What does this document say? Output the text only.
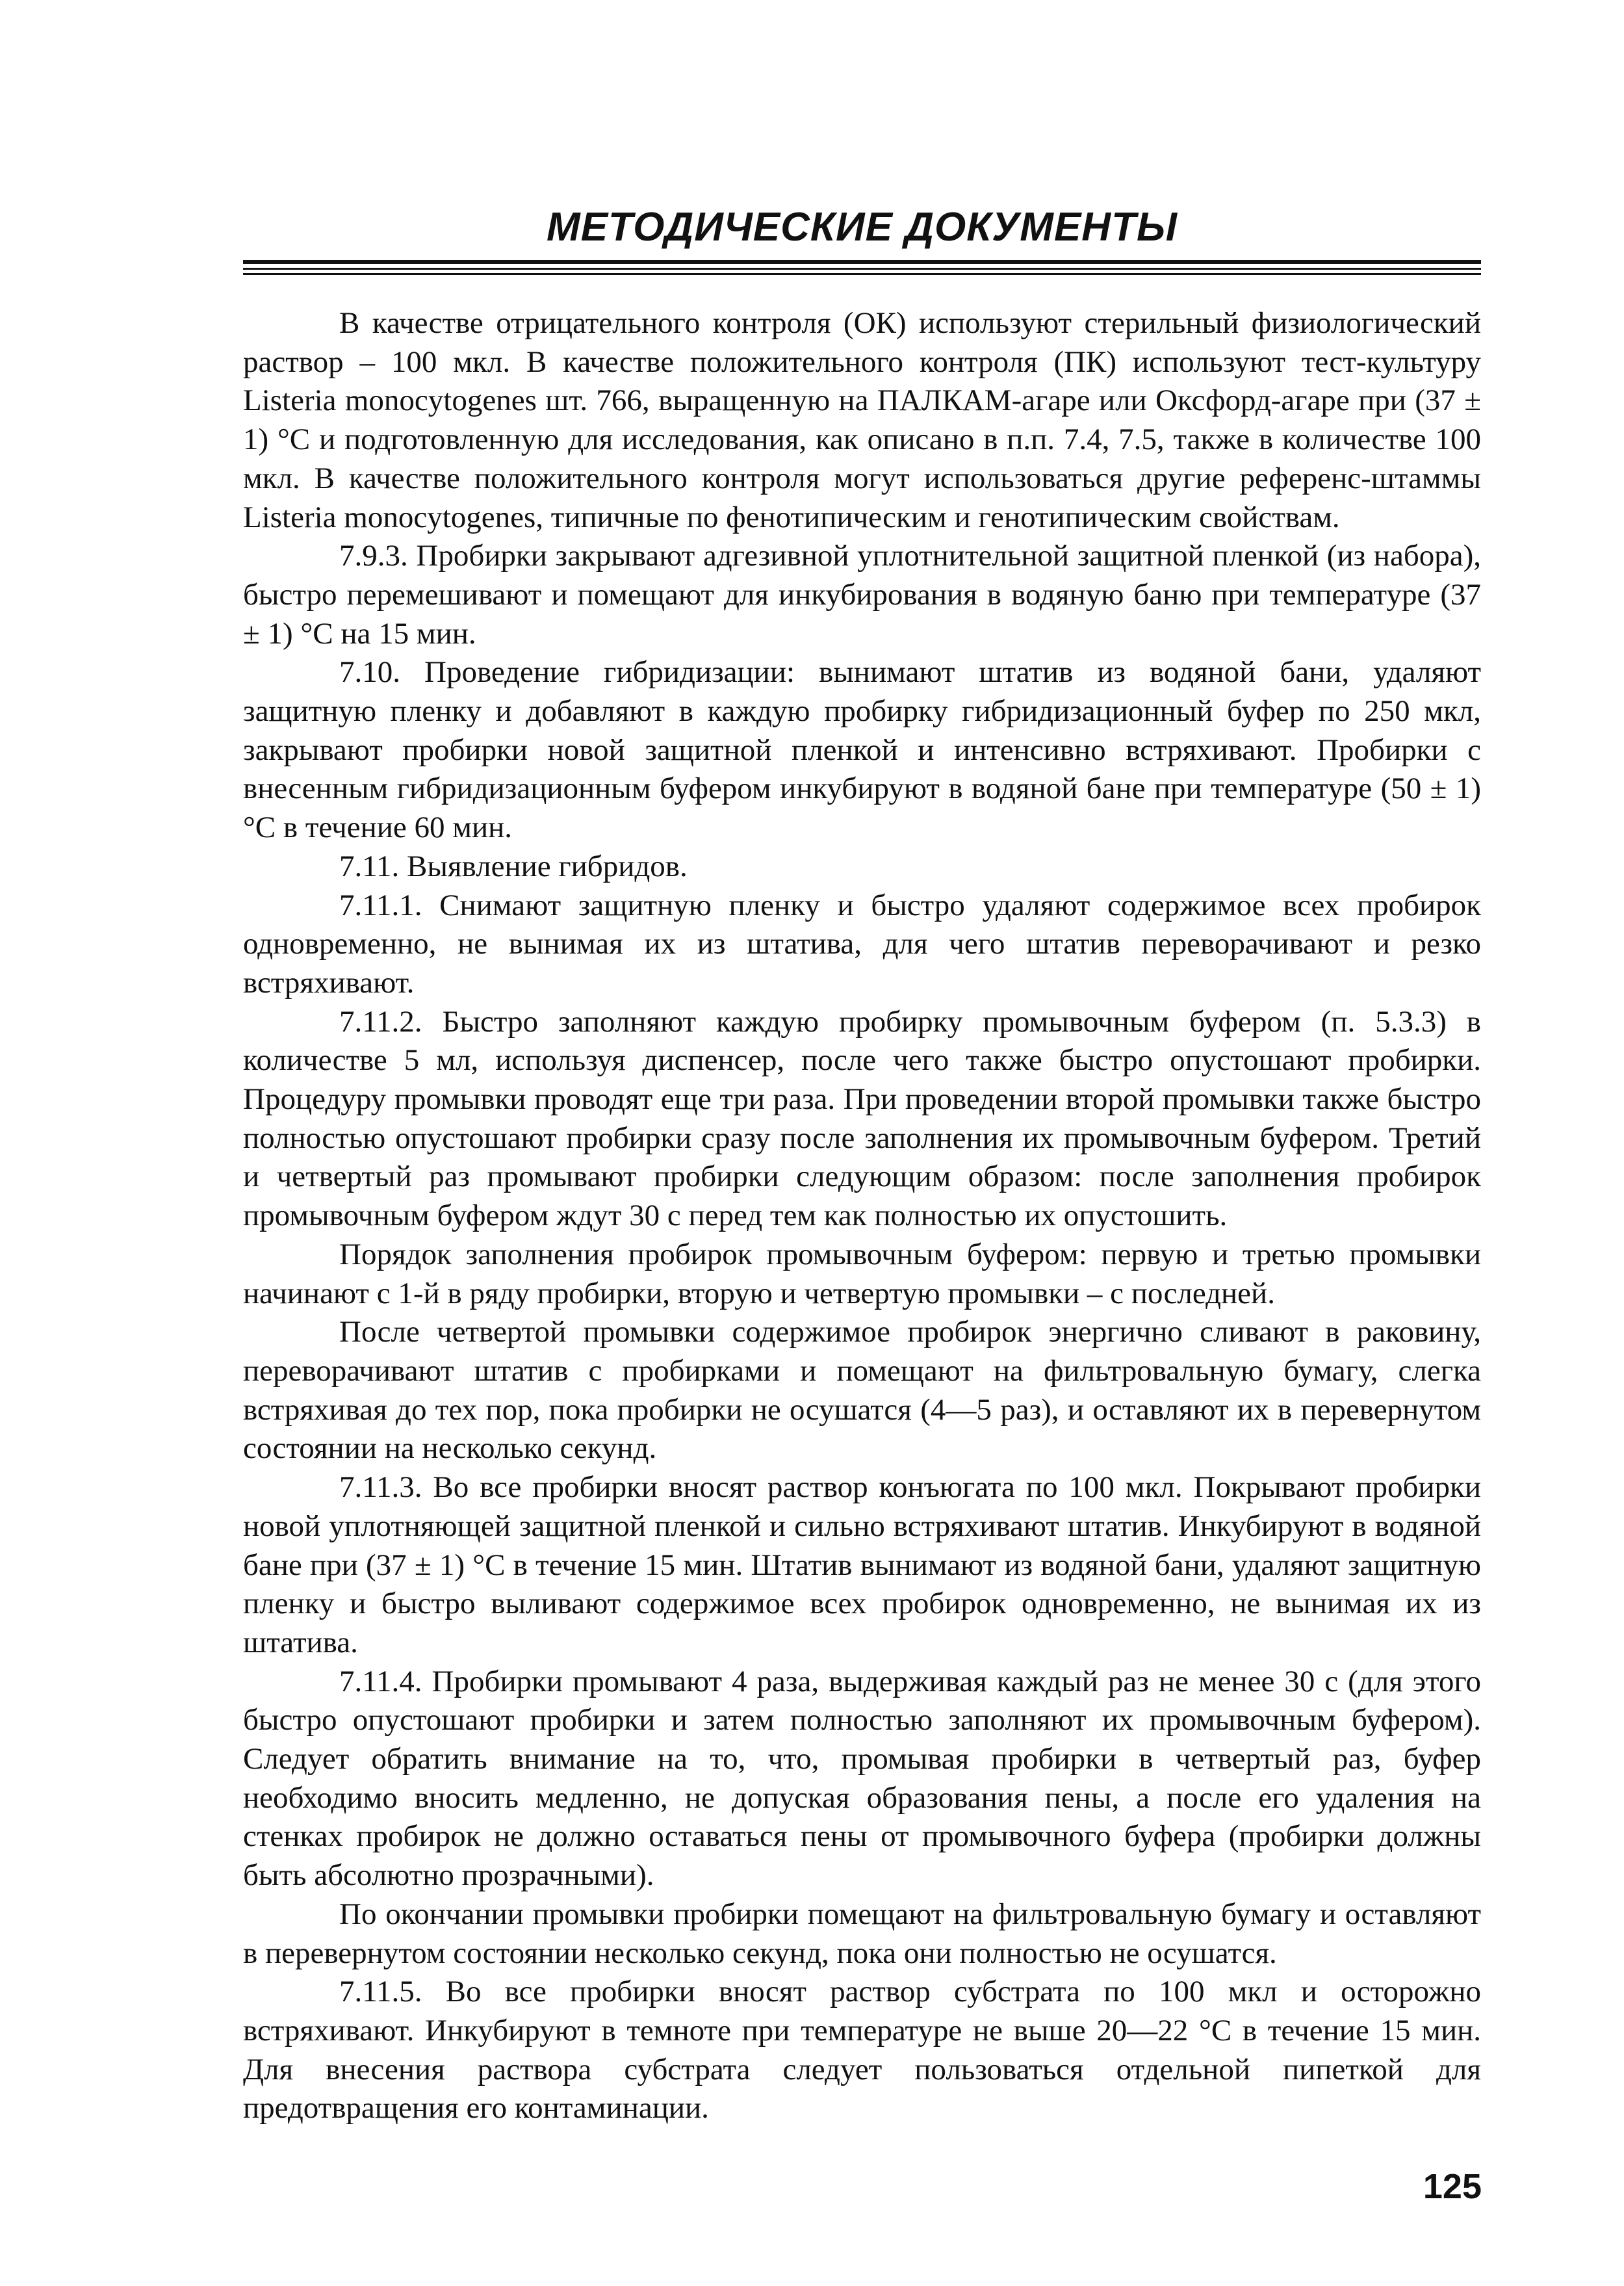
МЕТОДИЧЕСКИЕ ДОКУМЕНТЫ

В качестве отрицательного контроля (ОК) используют стерильный физиологический раствор – 100 мкл. В качестве положительного контроля (ПК) используют тест-культуру Listeria monocytogenes шт. 766, выращенную на ПАЛКАМ-агаре или Оксфорд-агаре при (37 ± 1) °С и подготовленную для исследования, как описано в п.п. 7.4, 7.5, также в количестве 100 мкл. В качестве положительного контроля могут использоваться другие референс-штаммы Listeria monocytogenes, типичные по фенотипическим и генотипическим свойствам.

7.9.3. Пробирки закрывают адгезивной уплотнительной защитной пленкой (из набора), быстро перемешивают и помещают для инкубирования в водяную баню при температуре (37 ± 1) °С на 15 мин.

7.10. Проведение гибридизации: вынимают штатив из водяной бани, удаляют защитную пленку и добавляют в каждую пробирку гибридизационный буфер по 250 мкл, закрывают пробирки новой защитной пленкой и интенсивно встряхивают. Пробирки с внесенным гибридизационным буфером инкубируют в водяной бане при температуре (50 ± 1) °С в течение 60 мин.

7.11. Выявление гибридов.

7.11.1. Снимают защитную пленку и быстро удаляют содержимое всех пробирок одновременно, не вынимая их из штатива, для чего штатив переворачивают и резко встряхивают.

7.11.2. Быстро заполняют каждую пробирку промывочным буфером (п. 5.3.3) в количестве 5 мл, используя диспенсер, после чего также быстро опустошают пробирки. Процедуру промывки проводят еще три раза. При проведении второй промывки также быстро полностью опустошают пробирки сразу после заполнения их промывочным буфером. Третий и четвертый раз промывают пробирки следующим образом: после заполнения пробирок промывочным буфером ждут 30 с перед тем как полностью их опустошить.

Порядок заполнения пробирок промывочным буфером: первую и третью промывки начинают с 1-й в ряду пробирки, вторую и четвертую промывки – с последней.

После четвертой промывки содержимое пробирок энергично сливают в раковину, переворачивают штатив с пробирками и помещают на фильтровальную бумагу, слегка встряхивая до тех пор, пока пробирки не осушатся (4—5 раз), и оставляют их в перевернутом состоянии на несколько секунд.

7.11.3. Во все пробирки вносят раствор конъюгата по 100 мкл. Покрывают пробирки новой уплотняющей защитной пленкой и сильно встряхивают штатив. Инкубируют в водяной бане при (37 ± 1) °С в течение 15 мин. Штатив вынимают из водяной бани, удаляют защитную пленку и быстро выливают содержимое всех пробирок одновременно, не вынимая их из штатива.

7.11.4. Пробирки промывают 4 раза, выдерживая каждый раз не менее 30 с (для этого быстро опустошают пробирки и затем полностью заполняют их промывочным буфером). Следует обратить внимание на то, что, промывая пробирки в четвертый раз, буфер необходимо вносить медленно, не допуская образования пены, а после его удаления на стенках пробирок не должно оставаться пены от промывочного буфера (пробирки должны быть абсолютно прозрачными).

По окончании промывки пробирки помещают на фильтровальную бумагу и оставляют в перевернутом состоянии несколько секунд, пока они полностью не осушатся.

7.11.5. Во все пробирки вносят раствор субстрата по 100 мкл и осторожно встряхивают. Инкубируют в темноте при температуре не выше 20—22 °С в течение 15 мин. Для внесения раствора субстрата следует пользоваться отдельной пипеткой для предотвращения его контаминации.

125
